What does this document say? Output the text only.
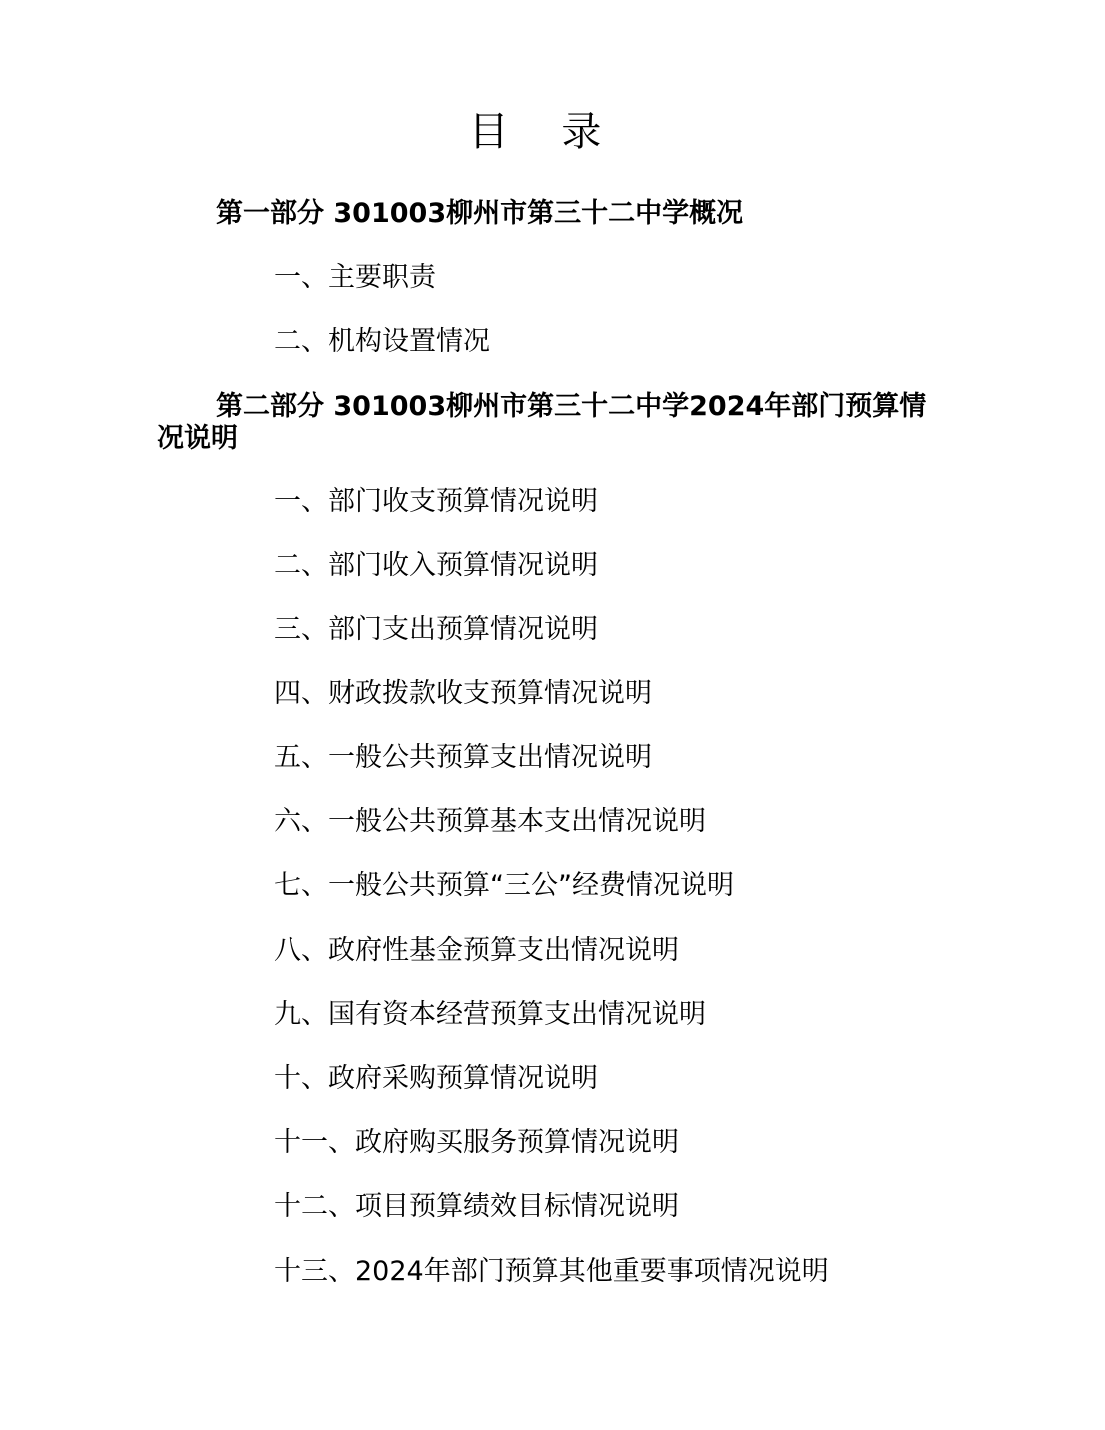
目 录

第一部分 301003柳州市第三十二中学概况

一、主要职责

二、机构设置情况

第二部分 301003柳州市第三十二中学2024年部门预算情况说明

一、部门收支预算情况说明

二、部门收入预算情况说明

三、部门支出预算情况说明

四、财政拨款收支预算情况说明

五、一般公共预算支出情况说明

六、一般公共预算基本支出情况说明

七、一般公共预算“三公”经费情况说明

八、政府性基金预算支出情况说明

九、国有资本经营预算支出情况说明

十、政府采购预算情况说明

十一、政府购买服务预算情况说明

十二、项目预算绩效目标情况说明

十三、2024年部门预算其他重要事项情况说明
